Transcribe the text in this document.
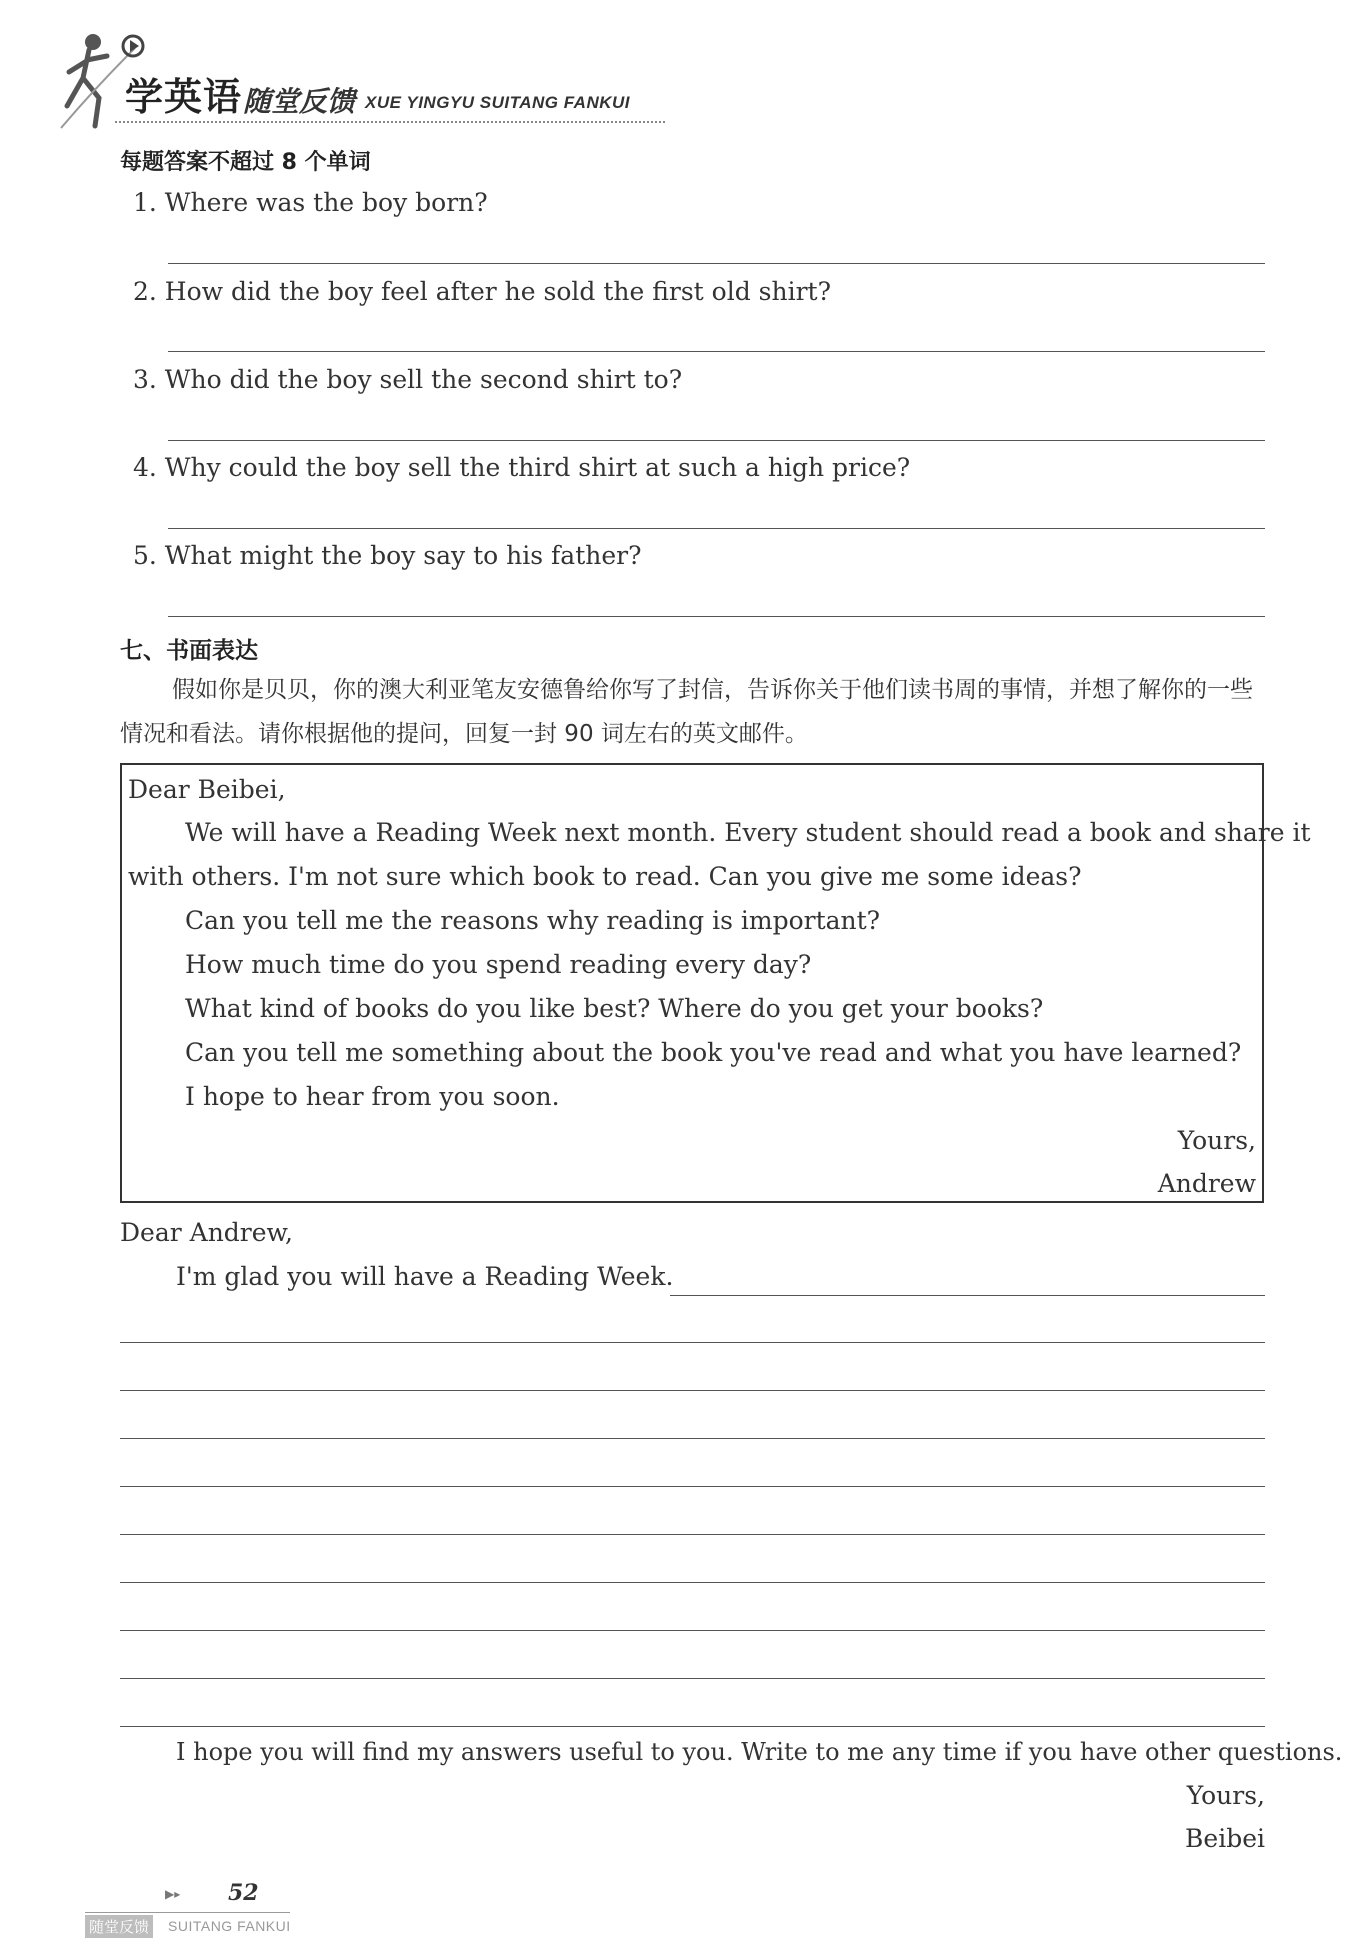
学英语 随堂反馈 XUE YINGYU SUITANG FANKUI
每题答案不超过 8 个单词
1. Where was the boy born?
2. How did the boy feel after he sold the first old shirt?
3. Who did the boy sell the second shirt to?
4. Why could the boy sell the third shirt at such a high price?
5. What might the boy say to his father?
七、书面表达
假如你是贝贝，你的澳大利亚笔友安德鲁给你写了封信，告诉你关于他们读书周的事情，并想了解你的一些情况和看法。请你根据他的提问，回复一封 90 词左右的英文邮件。
Dear Beibei,
We will have a Reading Week next month. Every student should read a book and share it
with others. I'm not sure which book to read. Can you give me some ideas?
Can you tell me the reasons why reading is important?
How much time do you spend reading every day?
What kind of books do you like best? Where do you get your books?
Can you tell me something about the book you've read and what you have learned?
I hope to hear from you soon.
Yours,
Andrew
Dear Andrew,
I'm glad you will have a Reading Week.
I hope you will find my answers useful to you. Write to me any time if you have other questions.
Yours,
Beibei
▶▸ 52
随堂反馈 SUITANG FANKUI
